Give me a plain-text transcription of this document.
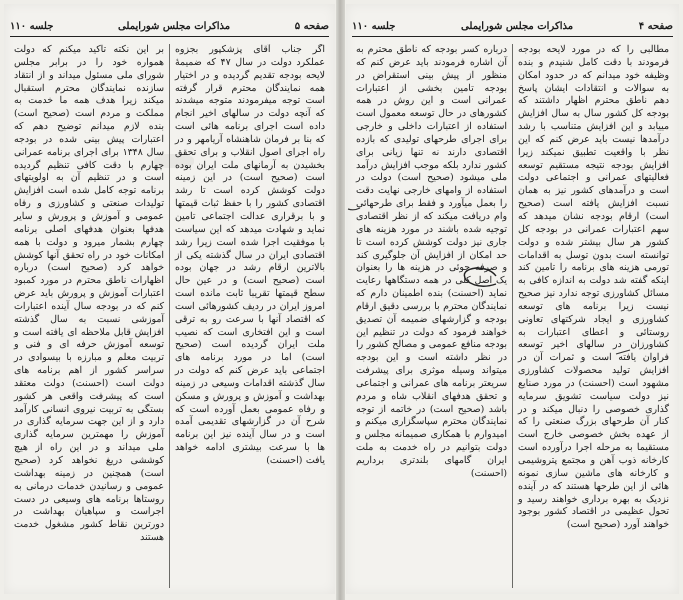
صفحه ۵
مذاکرات مجلس شورایملی
جلسه ۱۱۰

اگر جناب آقای پزشکپور بجزوه عملکرد دولت در سال ۴۷ که ضمیمهٔ لایحه بودجه تقدیم گردیده و در اختیار همه نمایندگان محترم قرار گرفته است توجه میفرمودند متوجه میشدند که آنچه دولت در سالهای اخیر انجام داده است اجرای برنامه هائی است که بنا بر فرمان شاهنشاه آریامهر و در راه اجرای اصول انقلاب و برای تحقق بخشیدن به آرمانهای ملت ایران بوده است (صحیح است) در این زمینه دولت کوشش کرده است تا رشد اقتصادی کشور را با حفظ ثبات قیمتها و با برقراری عدالت اجتماعی تامین نماید و شهادت میدهد که این سیاست با موفقیت اجرا شده است زیرا رشد اقتصادی ایران در سال گذشته یکی از بالاترین ارقام رشد در جهان بوده است (صحیح است) و در عین حال سطح قیمتها تقریبا ثابت مانده است امروز ایران در ردیف کشورهائی است که اقتصاد آنها با سرعت رو به ترقی است و این افتخاری است که نصیب ملت ایران گردیده است (صحیح است) اما در مورد برنامه های اجتماعی باید عرض کنم که دولت در سال گذشته اقدامات وسیعی در زمینه بهداشت و آموزش و پرورش و مسکن و رفاه عمومی بعمل آورده است که شرح آن در گزارشهای تقدیمی آمده است و در سال آینده نیز این برنامه ها با سرعت بیشتری ادامه خواهد یافت (احسنت)

بر این نکته تاکید میکنم که دولت همواره خود را در برابر مجلس شورای ملی مسئول میداند و از انتقاد سازنده نمایندگان محترم استقبال میکند زیرا هدف همه ما خدمت به مملکت و مردم است (صحیح است) بنده لازم میدانم توضیح دهم که اعتبارات پیش بینی شده در بودجه سال ۱۳۴۸ برای اجرای برنامه عمرانی چهارم با دقت کافی تنظیم گردیده است و در تنظیم آن به اولویتهای برنامه توجه کامل شده است افزایش تولیدات صنعتی و کشاورزی و رفاه عمومی و آموزش و پرورش و سایر هدفها بعنوان هدفهای اصلی برنامه چهارم بشمار میرود و دولت با همه امکانات خود در راه تحقق آنها کوشش خواهد کرد (صحیح است) درباره اظهارات ناطق محترم در مورد کمبود اعتبارات آموزش و پرورش باید عرض کنم که در بودجه سال آینده اعتبارات آموزشی نسبت به سال گذشته افزایش قابل ملاحظه ای یافته است و توسعه آموزش حرفه ای و فنی و تربیت معلم و مبارزه با بیسوادی در سراسر کشور از اهم برنامه های دولت است (احسنت) دولت معتقد است که پیشرفت واقعی هر کشور بستگی به تربیت نیروی انسانی کارآمد دارد و از این جهت سرمایه گذاری در آموزش را مهمترین سرمایه گذاری ملی میداند و در این راه از هیچ کوششی دریغ نخواهد کرد (صحیح است) همچنین در زمینه بهداشت عمومی و رسانیدن خدمات درمانی به روستاها برنامه های وسیعی در دست اجراست و سپاهیان بهداشت در دورترین نقاط کشور مشغول خدمت هستند

صفحه ۴
مذاکرات مجلس شورایملی
جلسه ۱۱۰

مطالبی را که در مورد لایحه بودجه فرمودند با دقت کامل شنیدم و بنده وظیفه خود میدانم که در حدود امکان به سوالات و انتقادات ایشان پاسخ دهم ناطق محترم اظهار داشتند که بودجه کل کشور سال به سال افزایش مییابد و این افزایش متناسب با رشد درآمدها نیست باید عرض کنم که این نظر با واقعیت تطبیق نمیکند زیرا افزایش بودجه نتیجه مستقیم توسعه فعالیتهای عمرانی و اجتماعی دولت است و درآمدهای کشور نیز به همان نسبت افزایش یافته است (صحیح است) ارقام بودجه نشان میدهد که سهم اعتبارات عمرانی در بودجه کل کشور هر سال بیشتر شده و دولت توانسته است بدون توسل به اقدامات تورمی هزینه های برنامه را تامین کند اینکه گفته شد دولت به اندازه کافی به مسائل کشاورزی توجه ندارد نیز صحیح نیست زیرا برنامه های توسعه کشاورزی و ایجاد شرکتهای تعاونی روستائی و اعطای اعتبارات به کشاورزان در سالهای اخیر توسعه فراوان یافته است و ثمرات آن در افزایش تولید محصولات کشاورزی مشهود است (احسنت) در مورد صنایع نیز دولت سیاست تشویق سرمایه گذاری خصوصی را دنبال میکند و در کنار آن طرحهای بزرگ صنعتی را که از عهده بخش خصوصی خارج است مستقیما به مرحله اجرا درآورده است کارخانه ذوب آهن و مجتمع پتروشیمی و کارخانه های ماشین سازی نمونه هائی از این طرحها هستند که در آینده نزدیک به بهره برداری خواهند رسید و تحول عظیمی در اقتصاد کشور بوجود خواهند آورد (صحیح است)

درباره کسر بودجه که ناطق محترم به آن اشاره فرمودند باید عرض کنم که منظور از پیش بینی استقراض در بودجه تامین بخشی از اعتبارات عمرانی است و این روش در همه کشورهای در حال توسعه معمول است استفاده از اعتبارات داخلی و خارجی برای اجرای طرحهای تولیدی که بازده اقتصادی دارند نه تنها زیانی برای کشور ندارد بلکه موجب افزایش درآمد ملی میشود (صحیح است) دولت در استفاده از وامهای خارجی نهایت دقت را بعمل میآورد و فقط برای طرحهائی وام دریافت میکند که از نظر اقتصادی توجیه شده باشند در مورد هزینه های جاری نیز دولت کوشش کرده است تا حد امکان از افزایش آن جلوگیری کند و صرفه جوئی در هزینه ها را بعنوان یک اصل کلی در همه دستگاهها رعایت نماید (احسنت) بنده اطمینان دارم که نمایندگان محترم با بررسی دقیق ارقام بودجه و گزارشهای ضمیمه آن تصدیق خواهند فرمود که دولت در تنظیم این بودجه منافع عمومی و مصالح کشور را در نظر داشته است و این بودجه میتواند وسیله موثری برای پیشرفت سریعتر برنامه های عمرانی و اجتماعی و تحقق هدفهای انقلاب شاه و مردم باشد (صحیح است) در خاتمه از توجه نمایندگان محترم سپاسگزاری میکنم و امیدوارم با همکاری صمیمانه مجلس و دولت بتوانیم در راه خدمت به ملت ایران گامهای بلندتری برداریم (احسنت)
